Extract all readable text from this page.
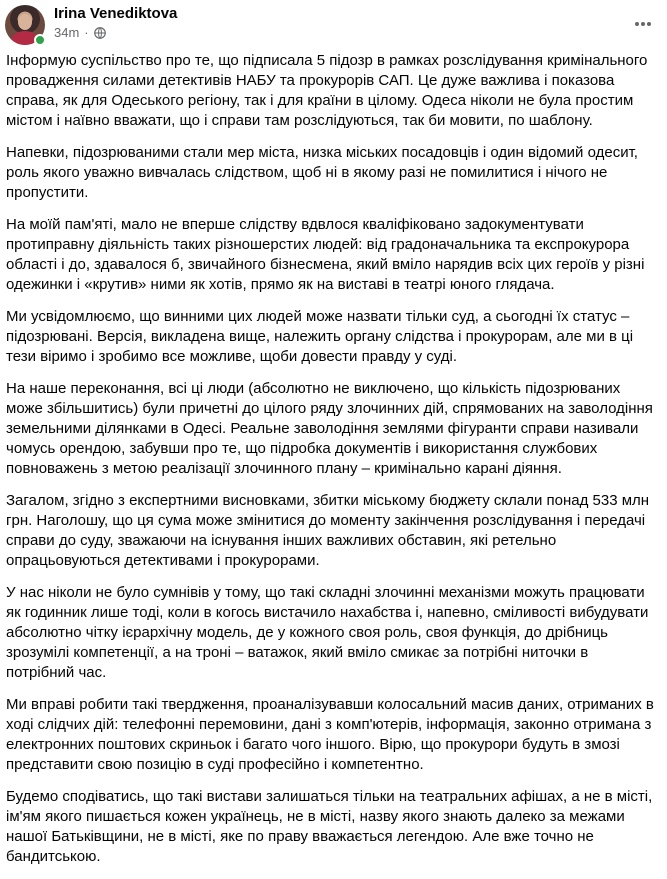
Irina Venediktova
34m ·

Інформую суспільство про те, що підписала 5 підозр в рамках розслідування кримінального провадження силами детективів НАБУ та прокурорів САП. Це дуже важлива і показова справа, як для Одеського регіону, так і для країни в цілому. Одеса ніколи не була простим містом і наївно вважати, що і справи там розслідуються, так би мовити, по шаблону.

Напевки, підозрюваними стали мер міста, низка міських посадовців і один відомий одесит, роль якого уважно вивчалась слідством, щоб ні в якому разі не помилитися і нічого не пропустити.

На моїй пам'яті, мало не вперше слідству вдвлося кваліфіковано задокументувати протиправну діяльність таких різношерстих людей: від градоначальника та експрокурора області і до, здавалося б, звичайного бізнесмена, який вміло нарядив всіх цих героїв у різні одежинки і «крутив» ними як хотів, прямо як на виставі в театрі юного глядача.

Ми усвідомлюємо, що винними цих людей може назвати тільки суд, а сьогодні їх статус – підозрювані. Версія, викладена вище, належить органу слідства і прокурорам, але ми в ці тези віримо і зробимо все можливе, щоби довести правду у суді.

На наше переконання, всі ці люди (абсолютно не виключено, що кількість підозрюваних може збільшитись) були причетні до цілого ряду злочинних дій, спрямованих на заволодіння земельними ділянками в Одесі. Реальне заволодіння землями фігуранти справи називали чомусь орендою, забувши про те, що підробка документів і використання службових повноважень з метою реалізації злочинного плану – кримінально карані діяння.

Загалом, згідно з експертними висновками, збитки міському бюджету склали понад 533 млн грн. Наголошу, що ця сума може змінитися до моменту закінчення розслідування і передачі справи до суду, зважаючи на існування інших важливих обставин, які ретельно опрацьовуються детективами і прокурорами.

У нас ніколи не було сумнівів у тому, що такі складні злочинні механізми можуть працювати як годинник лише тоді, коли в когось вистачило нахабства і, напевно, сміливості вибудувати абсолютно чітку ієрархічну модель, де у кожного своя роль, своя функція, до дрібниць зрозумілі компетенції, а на троні – ватажок, який вміло смикає за потрібні ниточки в потрібний час.

Ми вправі робити такі твердження, проаналізувавши колосальний масив даних, отриманих в ході слідчих дій: телефонні перемовини, дані з комп'ютерів, інформація, законно отримана з електронних поштових скриньок і багато чого іншого. Вірю, що прокурори будуть в змозі представити свою позицію в суді професійно і компетентно.

Будемо сподіватись, що такі вистави залишаться тільки на театральних афішах, а не в місті, ім'ям якого пишається кожен українець, не в місті, назву якого знають далеко за межами нашої Батьківщини, не в місті, яке по праву вважається легендою. Але вже точно не бандитською.
